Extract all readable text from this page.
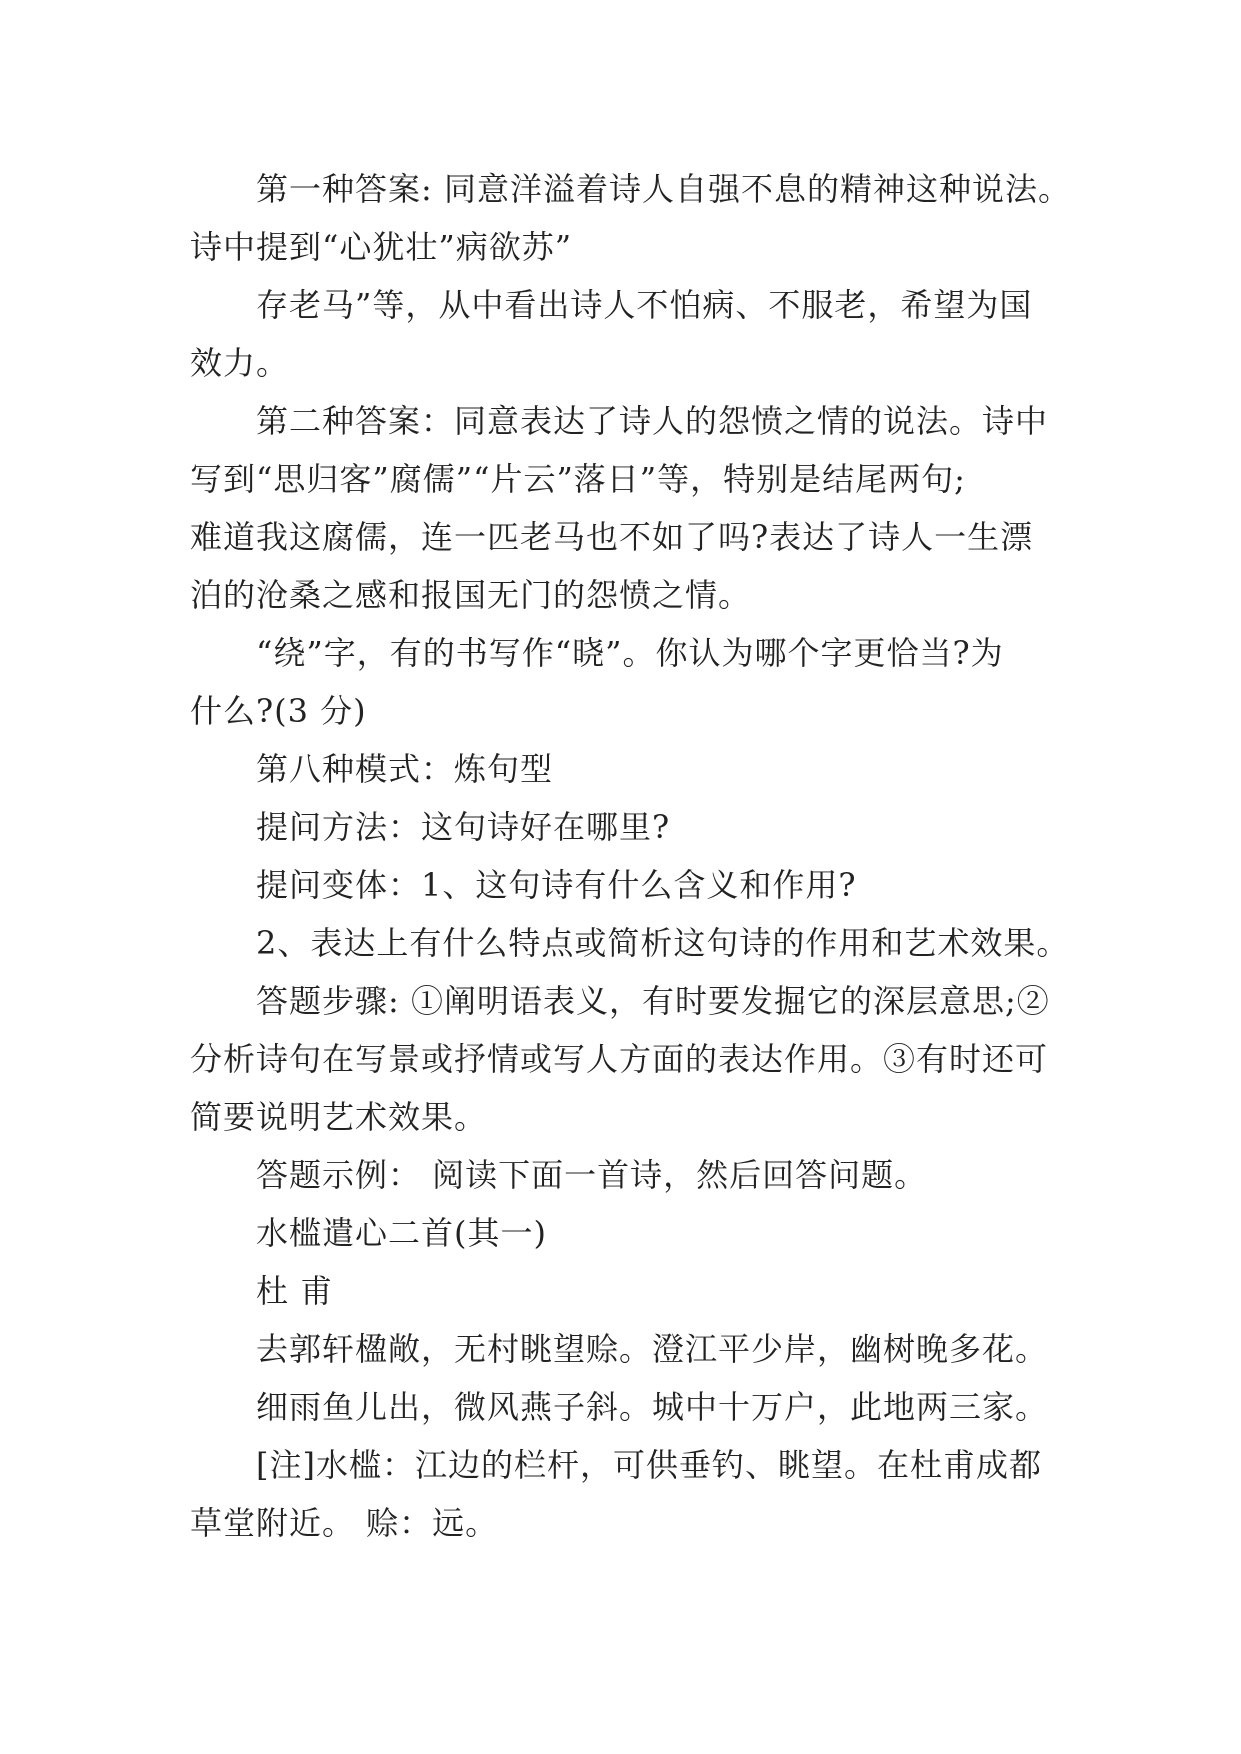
第一种答案: 同意洋溢着诗人自强不息的精神这种说法。

诗中提到“心犹壮”病欲苏”

存老马”等，从中看出诗人不怕病、不服老，希望为国

效力。

第二种答案：同意表达了诗人的怨愤之情的说法。诗中

写到“思归客”腐儒”“片云”落日”等，特别是结尾两句;

难道我这腐儒，连一匹老马也不如了吗?表达了诗人一生漂

泊的沧桑之感和报国无门的怨愤之情。

“绕”字，有的书写作“晓”。你认为哪个字更恰当?为

什么?(3 分)

第八种模式：炼句型

提问方法：这句诗好在哪里?

提问变体：1、这句诗有什么含义和作用?

2、表达上有什么特点或简析这句诗的作用和艺术效果。

答题步骤: ①阐明语表义，有时要发掘它的深层意思;②

分析诗句在写景或抒情或写人方面的表达作用。③有时还可

简要说明艺术效果。

答题示例： 阅读下面一首诗，然后回答问题。

水槛遣心二首(其一)

杜 甫

去郭轩楹敞，无村眺望赊。澄江平少岸，幽树晚多花。

细雨鱼儿出，微风燕子斜。城中十万户，此地两三家。

[注]水槛：江边的栏杆，可供垂钓、眺望。在杜甫成都

草堂附近。 赊：远。
